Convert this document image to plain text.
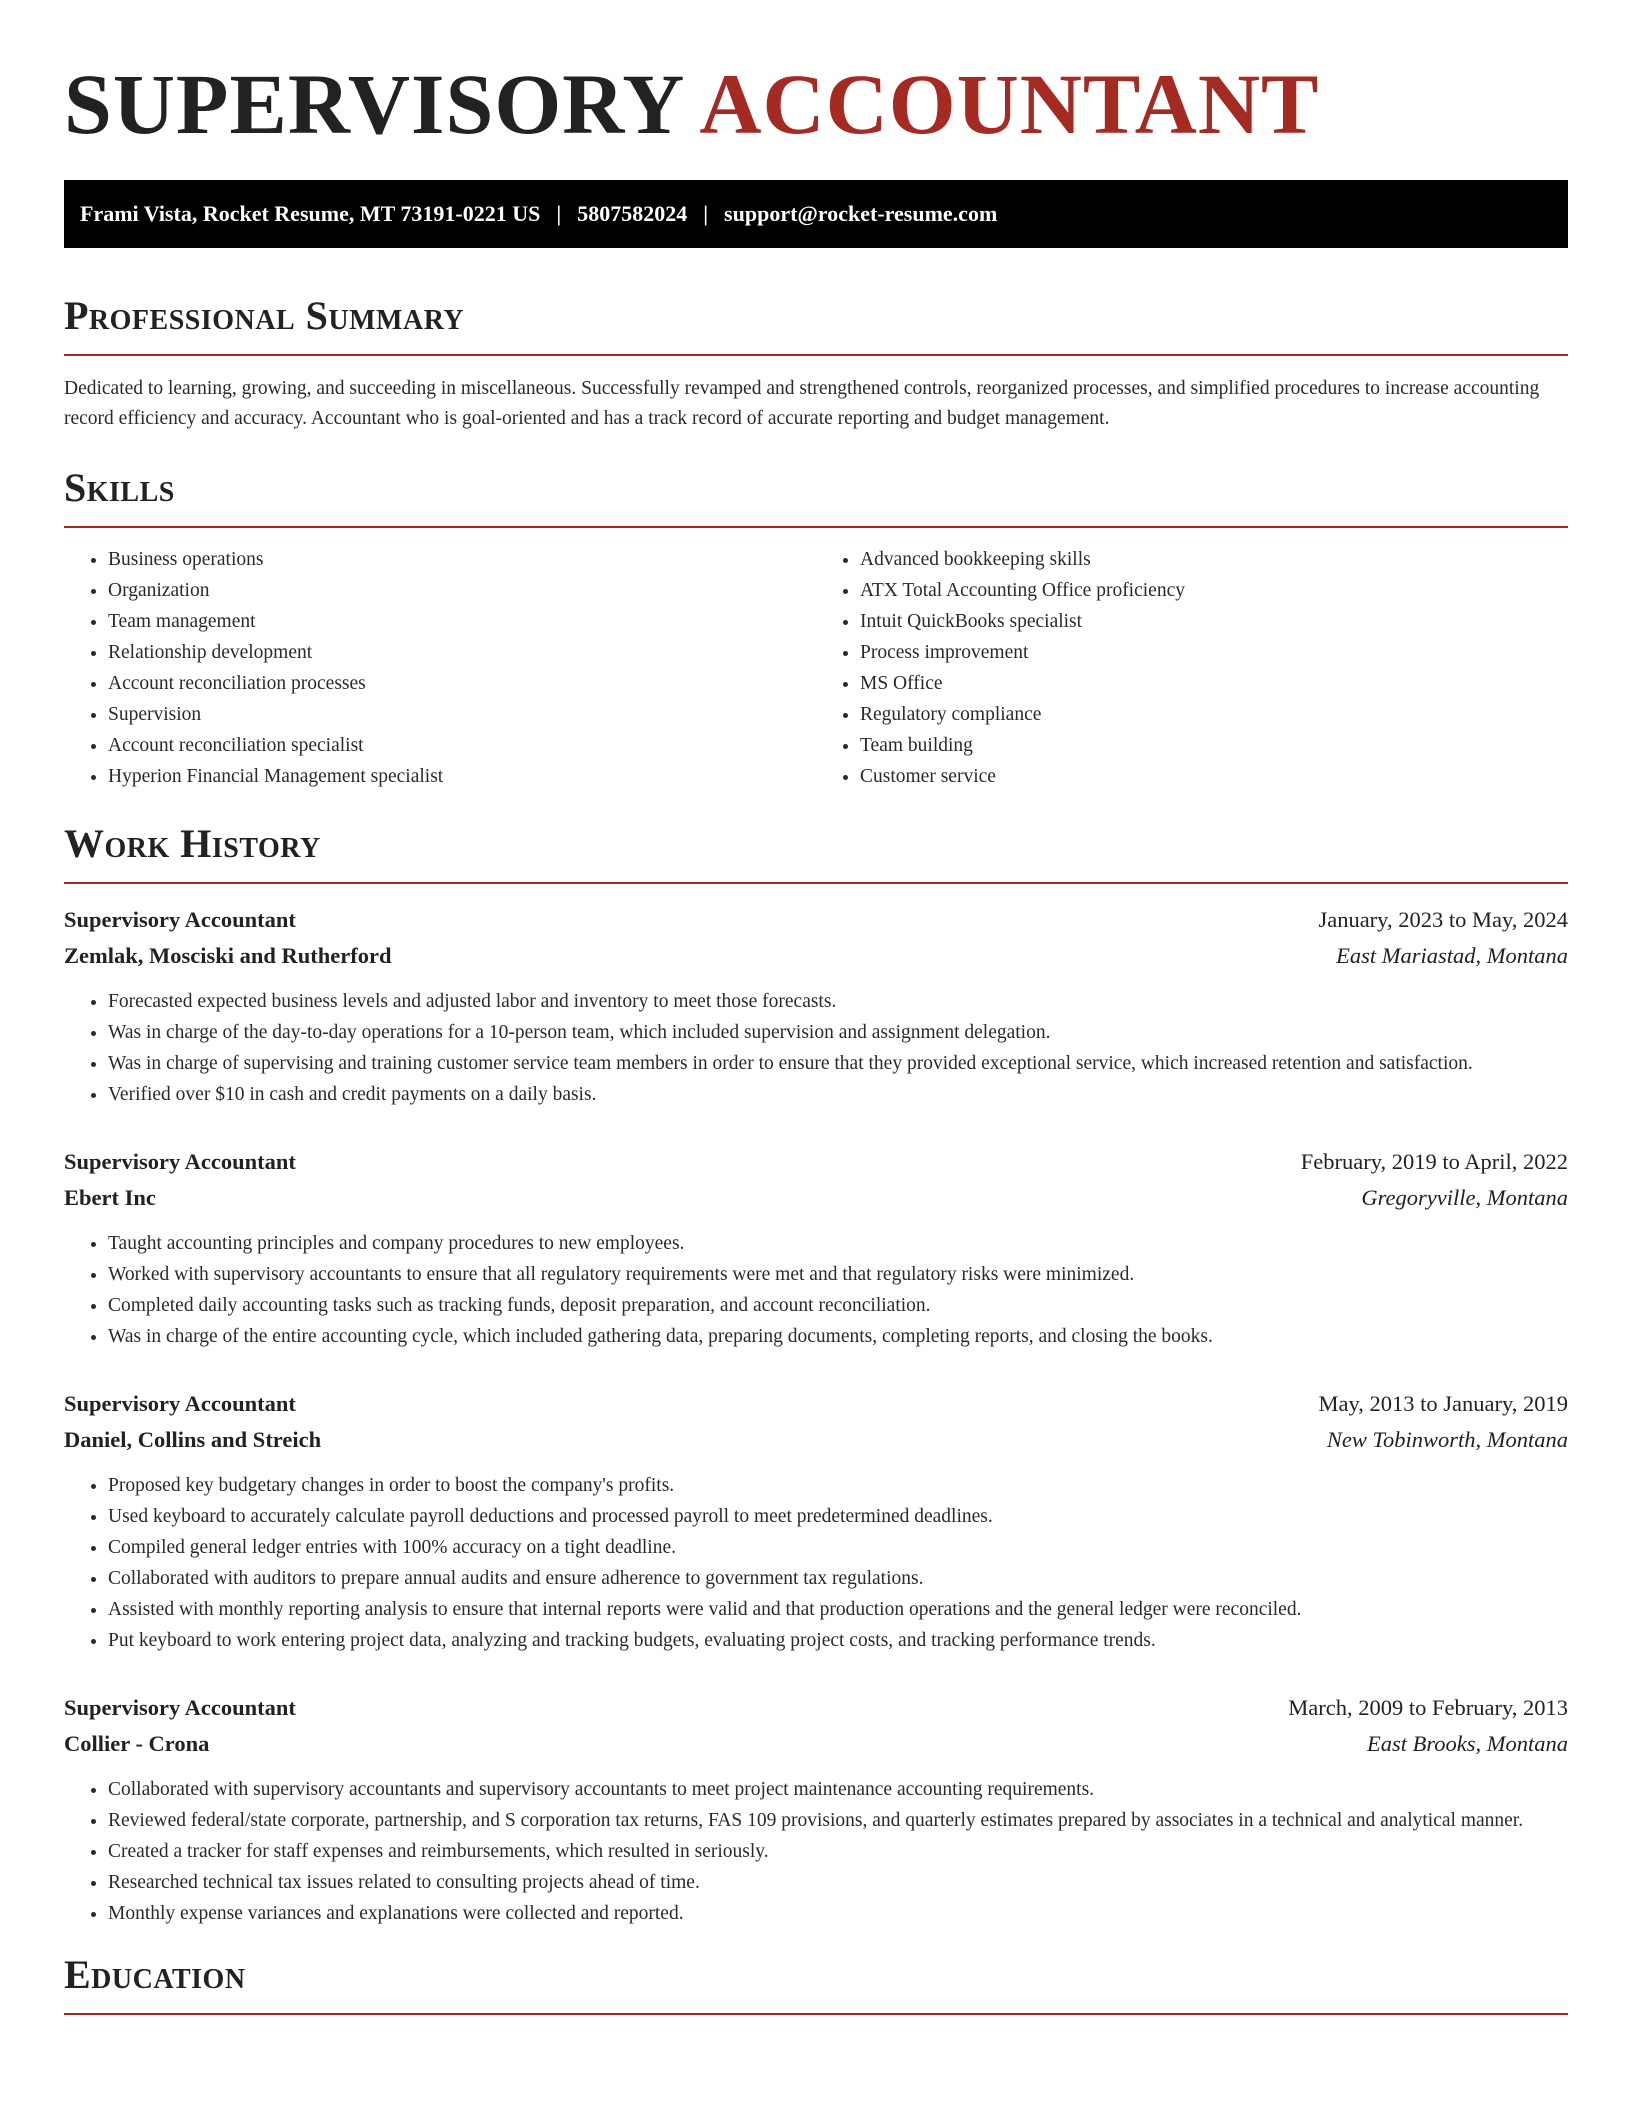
SUPERVISORY ACCOUNTANT
Frami Vista, Rocket Resume, MT 73191-0221 US | 5807582024 | support@rocket-resume.com
Professional Summary

Dedicated to learning, growing, and succeeding in miscellaneous. Successfully revamped and strengthened controls, reorganized processes, and simplified procedures to increase accounting record efficiency and accuracy. Accountant who is goal-oriented and has a track record of accurate reporting and budget management.

Skills
• Business operations
• Organization
• Team management
• Relationship development
• Account reconciliation processes
• Supervision
• Account reconciliation specialist
• Hyperion Financial Management specialist
• Advanced bookkeeping skills
• ATX Total Accounting Office proficiency
• Intuit QuickBooks specialist
• Process improvement
• MS Office
• Regulatory compliance
• Team building
• Customer service
Work History
Supervisory Accountant	January, 2023 to May, 2024
Zemlak, Mosciski and Rutherford	East Mariastad, Montana
• Forecasted expected business levels and adjusted labor and inventory to meet those forecasts.
• Was in charge of the day-to-day operations for a 10-person team, which included supervision and assignment delegation.
• Was in charge of supervising and training customer service team members in order to ensure that they provided exceptional service, which increased retention and satisfaction.
• Verified over $10 in cash and credit payments on a daily basis.
Supervisory Accountant	February, 2019 to April, 2022
Ebert Inc	Gregoryville, Montana
• Taught accounting principles and company procedures to new employees.
• Worked with supervisory accountants to ensure that all regulatory requirements were met and that regulatory risks were minimized.
• Completed daily accounting tasks such as tracking funds, deposit preparation, and account reconciliation.
• Was in charge of the entire accounting cycle, which included gathering data, preparing documents, completing reports, and closing the books.
Supervisory Accountant	May, 2013 to January, 2019
Daniel, Collins and Streich	New Tobinworth, Montana
• Proposed key budgetary changes in order to boost the company's profits.
• Used keyboard to accurately calculate payroll deductions and processed payroll to meet predetermined deadlines.
• Compiled general ledger entries with 100% accuracy on a tight deadline.
• Collaborated with auditors to prepare annual audits and ensure adherence to government tax regulations.
• Assisted with monthly reporting analysis to ensure that internal reports were valid and that production operations and the general ledger were reconciled.
• Put keyboard to work entering project data, analyzing and tracking budgets, evaluating project costs, and tracking performance trends.
Supervisory Accountant	March, 2009 to February, 2013
Collier - Crona	East Brooks, Montana
• Collaborated with supervisory accountants and supervisory accountants to meet project maintenance accounting requirements.
• Reviewed federal/state corporate, partnership, and S corporation tax returns, FAS 109 provisions, and quarterly estimates prepared by associates in a technical and analytical manner.
• Created a tracker for staff expenses and reimbursements, which resulted in seriously.
• Researched technical tax issues related to consulting projects ahead of time.
• Monthly expense variances and explanations were collected and reported.
Education
